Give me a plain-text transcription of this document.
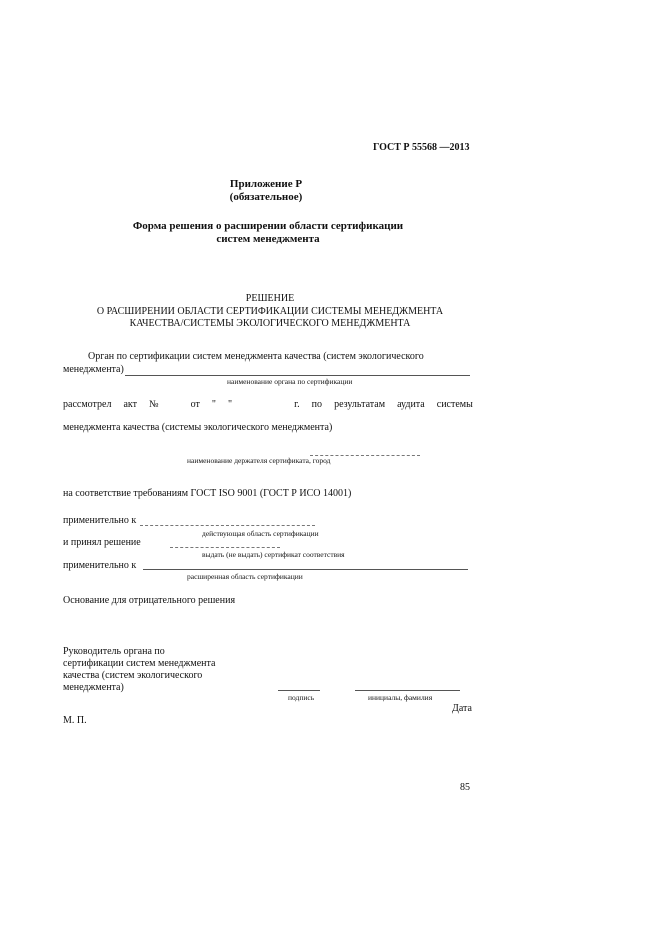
ГОСТ Р 55568 —2013
Приложение Р
(обязательное)
Форма решения о расширении области сертификации
систем менеджмента
РЕШЕНИЕ
О РАСШИРЕНИИ ОБЛАСТИ СЕРТИФИКАЦИИ СИСТЕМЫ МЕНЕДЖМЕНТА
КАЧЕСТВА/СИСТЕМЫ ЭКОЛОГИЧЕСКОГО МЕНЕДЖМЕНТА
Орган по сертификации систем менеджмента качества (систем экологического
менеджмента)
наименование органа по сертификации
рассмотрел акт №	от " "	г. по результатам аудита системы
менеджмента качества (системы экологического менеджмента)
наименование держателя сертификата, город
на соответствие требованиям ГОСТ ISO 9001 (ГОСТ Р ИСО 14001)
применительно к
действующая область сертификации
и принял решение
выдать (не выдать) сертификат соответствия
применительно к
расширенная область сертификации
Основание для отрицательного решения
Руководитель органа по
сертификации систем менеджмента
качества (систем экологического
менеджмента)
подпись	инициалы, фамилия
Дата
М. П.
85
